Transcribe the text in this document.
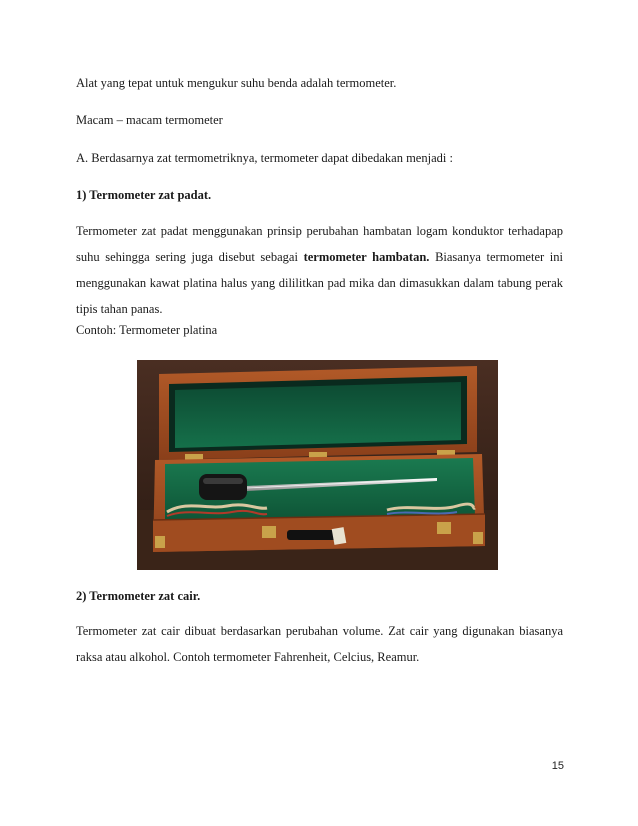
Alat yang tepat untuk mengukur suhu benda adalah termometer.

Macam – macam termometer

A. Berdasarnya zat termometriknya, termometer dapat dibedakan menjadi :

1) Termometer zat padat.

Termometer zat padat menggunakan prinsip perubahan hambatan logam konduktor terhadapap suhu sehingga sering juga disebut sebagai termometer hambatan. Biasanya termometer ini menggunakan kawat platina halus yang dililitkan pad mika dan dimasukkan dalam tabung perak tipis tahan panas.

Contoh: Termometer platina

2) Termometer zat cair.

Termometer zat cair dibuat berdasarkan perubahan volume. Zat cair yang digunakan biasanya raksa atau alkohol. Contoh termometer Fahrenheit, Celcius, Reamur.

15
